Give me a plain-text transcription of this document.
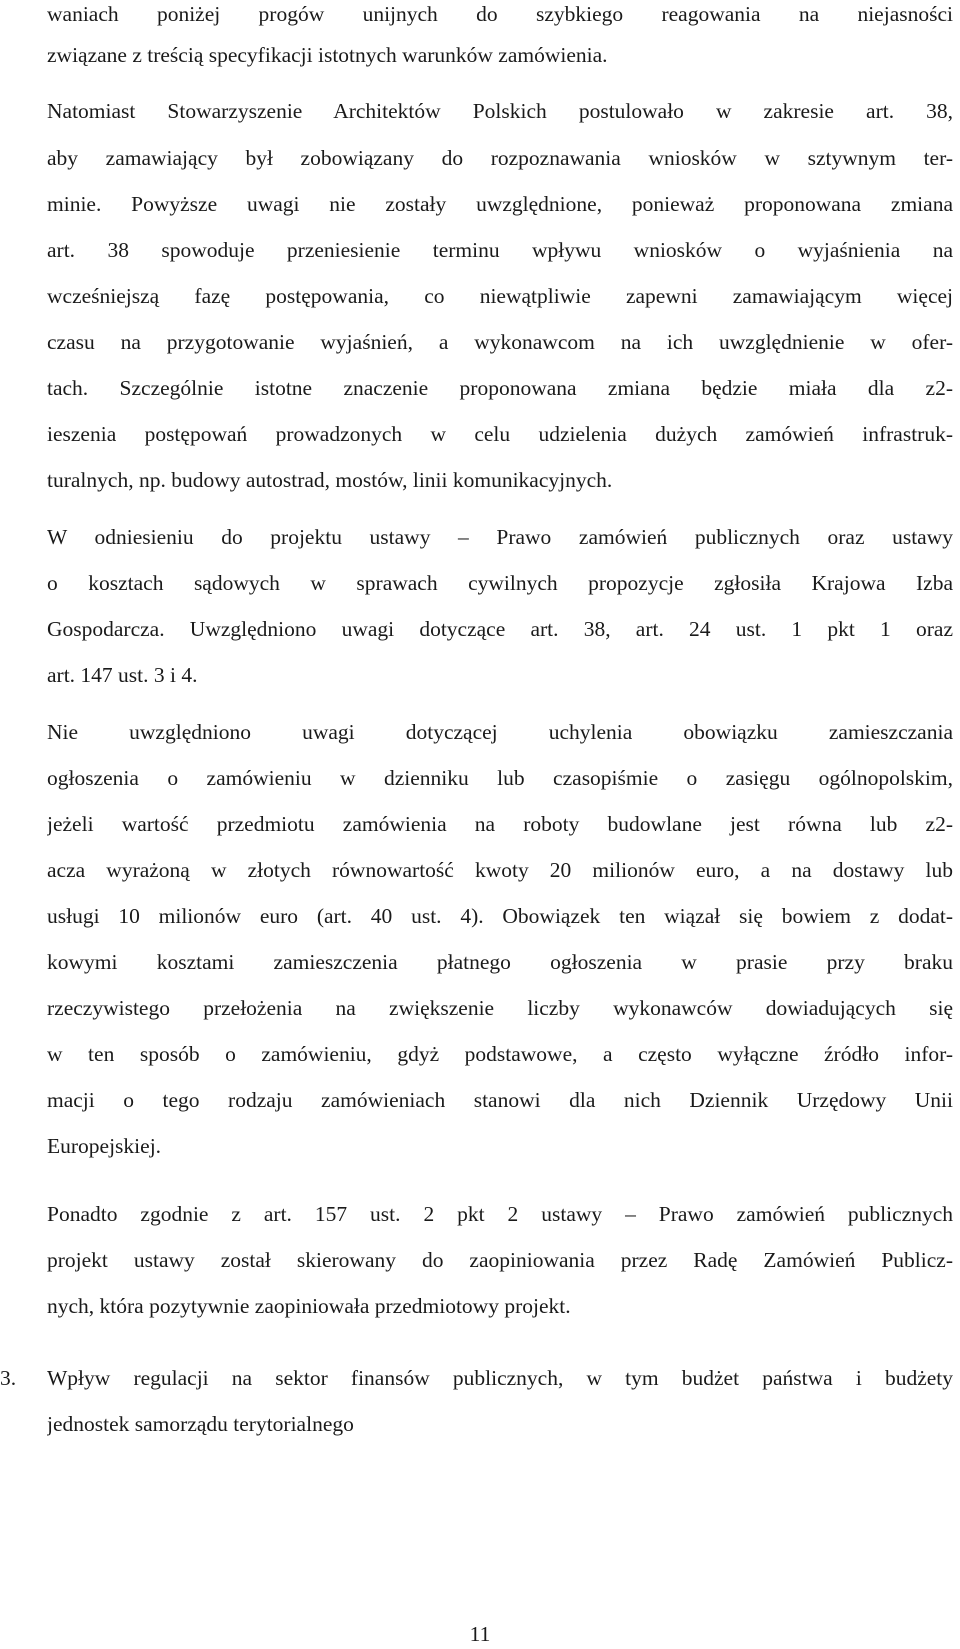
waniach poniżej progów unijnych do szybkiego reagowania na niejasności
związane z treścią specyfikacji istotnych warunków zamówienia.
Natomiast Stowarzyszenie Architektów Polskich postulowało w zakresie art. 38,
aby zamawiający był zobowiązany do rozpoznawania wniosków w sztywnym ter-
minie. Powyższe uwagi nie zostały uwzględnione, ponieważ proponowana zmiana
art. 38 spowoduje przeniesienie terminu wpływu wniosków o wyjaśnienia na
wcześniejszą fazę postępowania, co niewątpliwie zapewni zamawiającym więcej
czasu na przygotowanie wyjaśnień, a wykonawcom na ich uwzględnienie w ofer-
tach. Szczególnie istotne znaczenie proponowana zmiana będzie miała dla z2-
ieszenia postępowań prowadzonych w celu udzielenia dużych zamówień infrastruk-
turalnych, np. budowy autostrad, mostów, linii komunikacyjnych.
W odniesieniu do projektu ustawy – Prawo zamówień publicznych oraz ustawy
o kosztach sądowych w sprawach cywilnych propozycje zgłosiła Krajowa Izba
Gospodarcza. Uwzględniono uwagi dotyczące art. 38, art. 24 ust. 1 pkt 1 oraz
art. 147 ust. 3 i 4.
Nie uwzględniono uwagi dotyczącej uchylenia obowiązku zamieszczania
ogłoszenia o zamówieniu w dzienniku lub czasopiśmie o zasięgu ogólnopolskim,
jeżeli wartość przedmiotu zamówienia na roboty budowlane jest równa lub z2-
acza wyrażoną w złotych równowartość kwoty 20 milionów euro, a na dostawy lub
usługi 10 milionów euro (art. 40 ust. 4). Obowiązek ten wiązał się bowiem z dodat-
kowymi kosztami zamieszczenia płatnego ogłoszenia w prasie przy braku
rzeczywistego przełożenia na zwiększenie liczby wykonawców dowiadujących się
w ten sposób o zamówieniu, gdyż podstawowe, a często wyłączne źródło infor-
macji o tego rodzaju zamówieniach stanowi dla nich Dziennik Urzędowy Unii
Europejskiej.
Ponadto zgodnie z art. 157 ust. 2 pkt 2 ustawy – Prawo zamówień publicznych
projekt ustawy został skierowany do zaopiniowania przez Radę Zamówień Publicz-
nych, która pozytywnie zaopiniowała przedmiotowy projekt.
3. Wpływ regulacji na sektor finansów publicznych, w tym budżet państwa i budżety
jednostek samorządu terytorialnego
11
